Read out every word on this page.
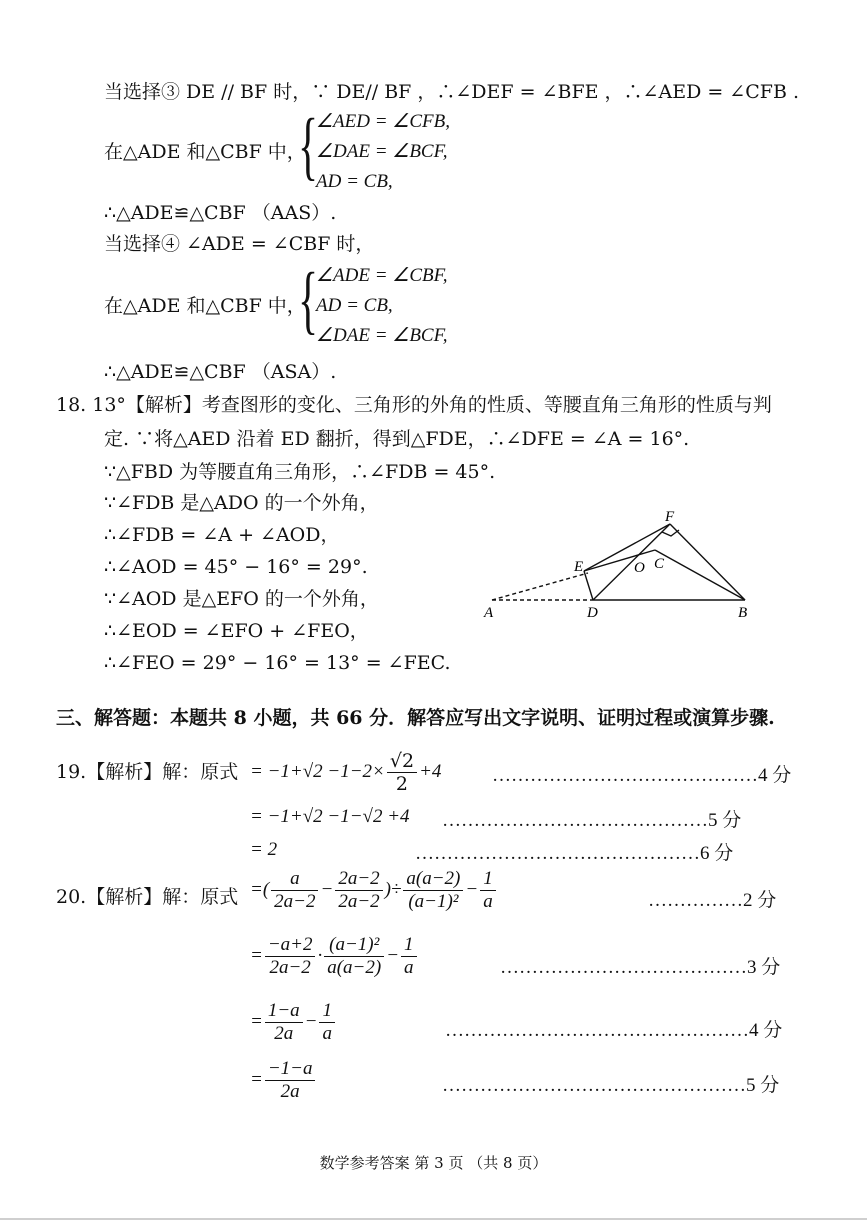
当选择③ DE // BF 时，∵ DE// BF ，∴∠DEF = ∠BFE ，∴∠AED = ∠CFB .
{
在△ADE 和△CBF 中，
∠AED = ∠CFB,
∠DAE = ∠BCF,
AD = CB,
∴△ADE≌△CBF （AAS）.
当选择④ ∠ADE = ∠CBF 时，
{
在△ADE 和△CBF 中，
∠ADE = ∠CBF,
AD = CB,
∠DAE = ∠BCF,
∴△ADE≌△CBF （ASA）.
18. 13°【解析】考查图形的变化、三角形的外角的性质、等腰直角三角形的性质与判
定. ∵将△AED 沿着 ED 翻折，得到△FDE，∴∠DFE = ∠A = 16°.
∵△FBD 为等腰直角三角形，∴∠FDB = 45°.
∵∠FDB 是△ADO 的一个外角，
∴∠FDB = ∠A + ∠AOD，
∴∠AOD = 45° − 16° = 29°.
∵∠AOD 是△EFO 的一个外角，
∴∠EOD = ∠EFO + ∠FEO，
∴∠FEO = 29° − 16° = 13° = ∠FEC.
F
E	O C
A	D	B
三、解答题：本题共 8 小题，共 66 分．解答应写出文字说明、证明过程或演算步骤.
19.【解析】解：原式 = $-1+√2 -1-2\times \frac{√2}{2} +4$	……………………………………4 分
= −1+√2 −1−√2 +4 ……………………………………5 分
= 2	………………………………………6 分
20.【解析】解：原式 =( $\frac{a}{2a-2} - \frac{2a-2}{2a-2}$ )÷ $\frac{a(a-2)}{\text{(a−1)²}} - \frac{1}{a}$	……………2 分
= $\frac{-a+2}{2a-2} \cdot \frac{\text{(a−1)²}}{a(a-2)} - \frac{1}{a}$	…………………………………3 分
= $\frac{1-a}{2a} - \frac{1}{a}$	…………………………………………4 分
= $\frac{-1-a}{2a}$	…………………………………………5 分
数学参考答案 第 3 页 （共 8 页）
